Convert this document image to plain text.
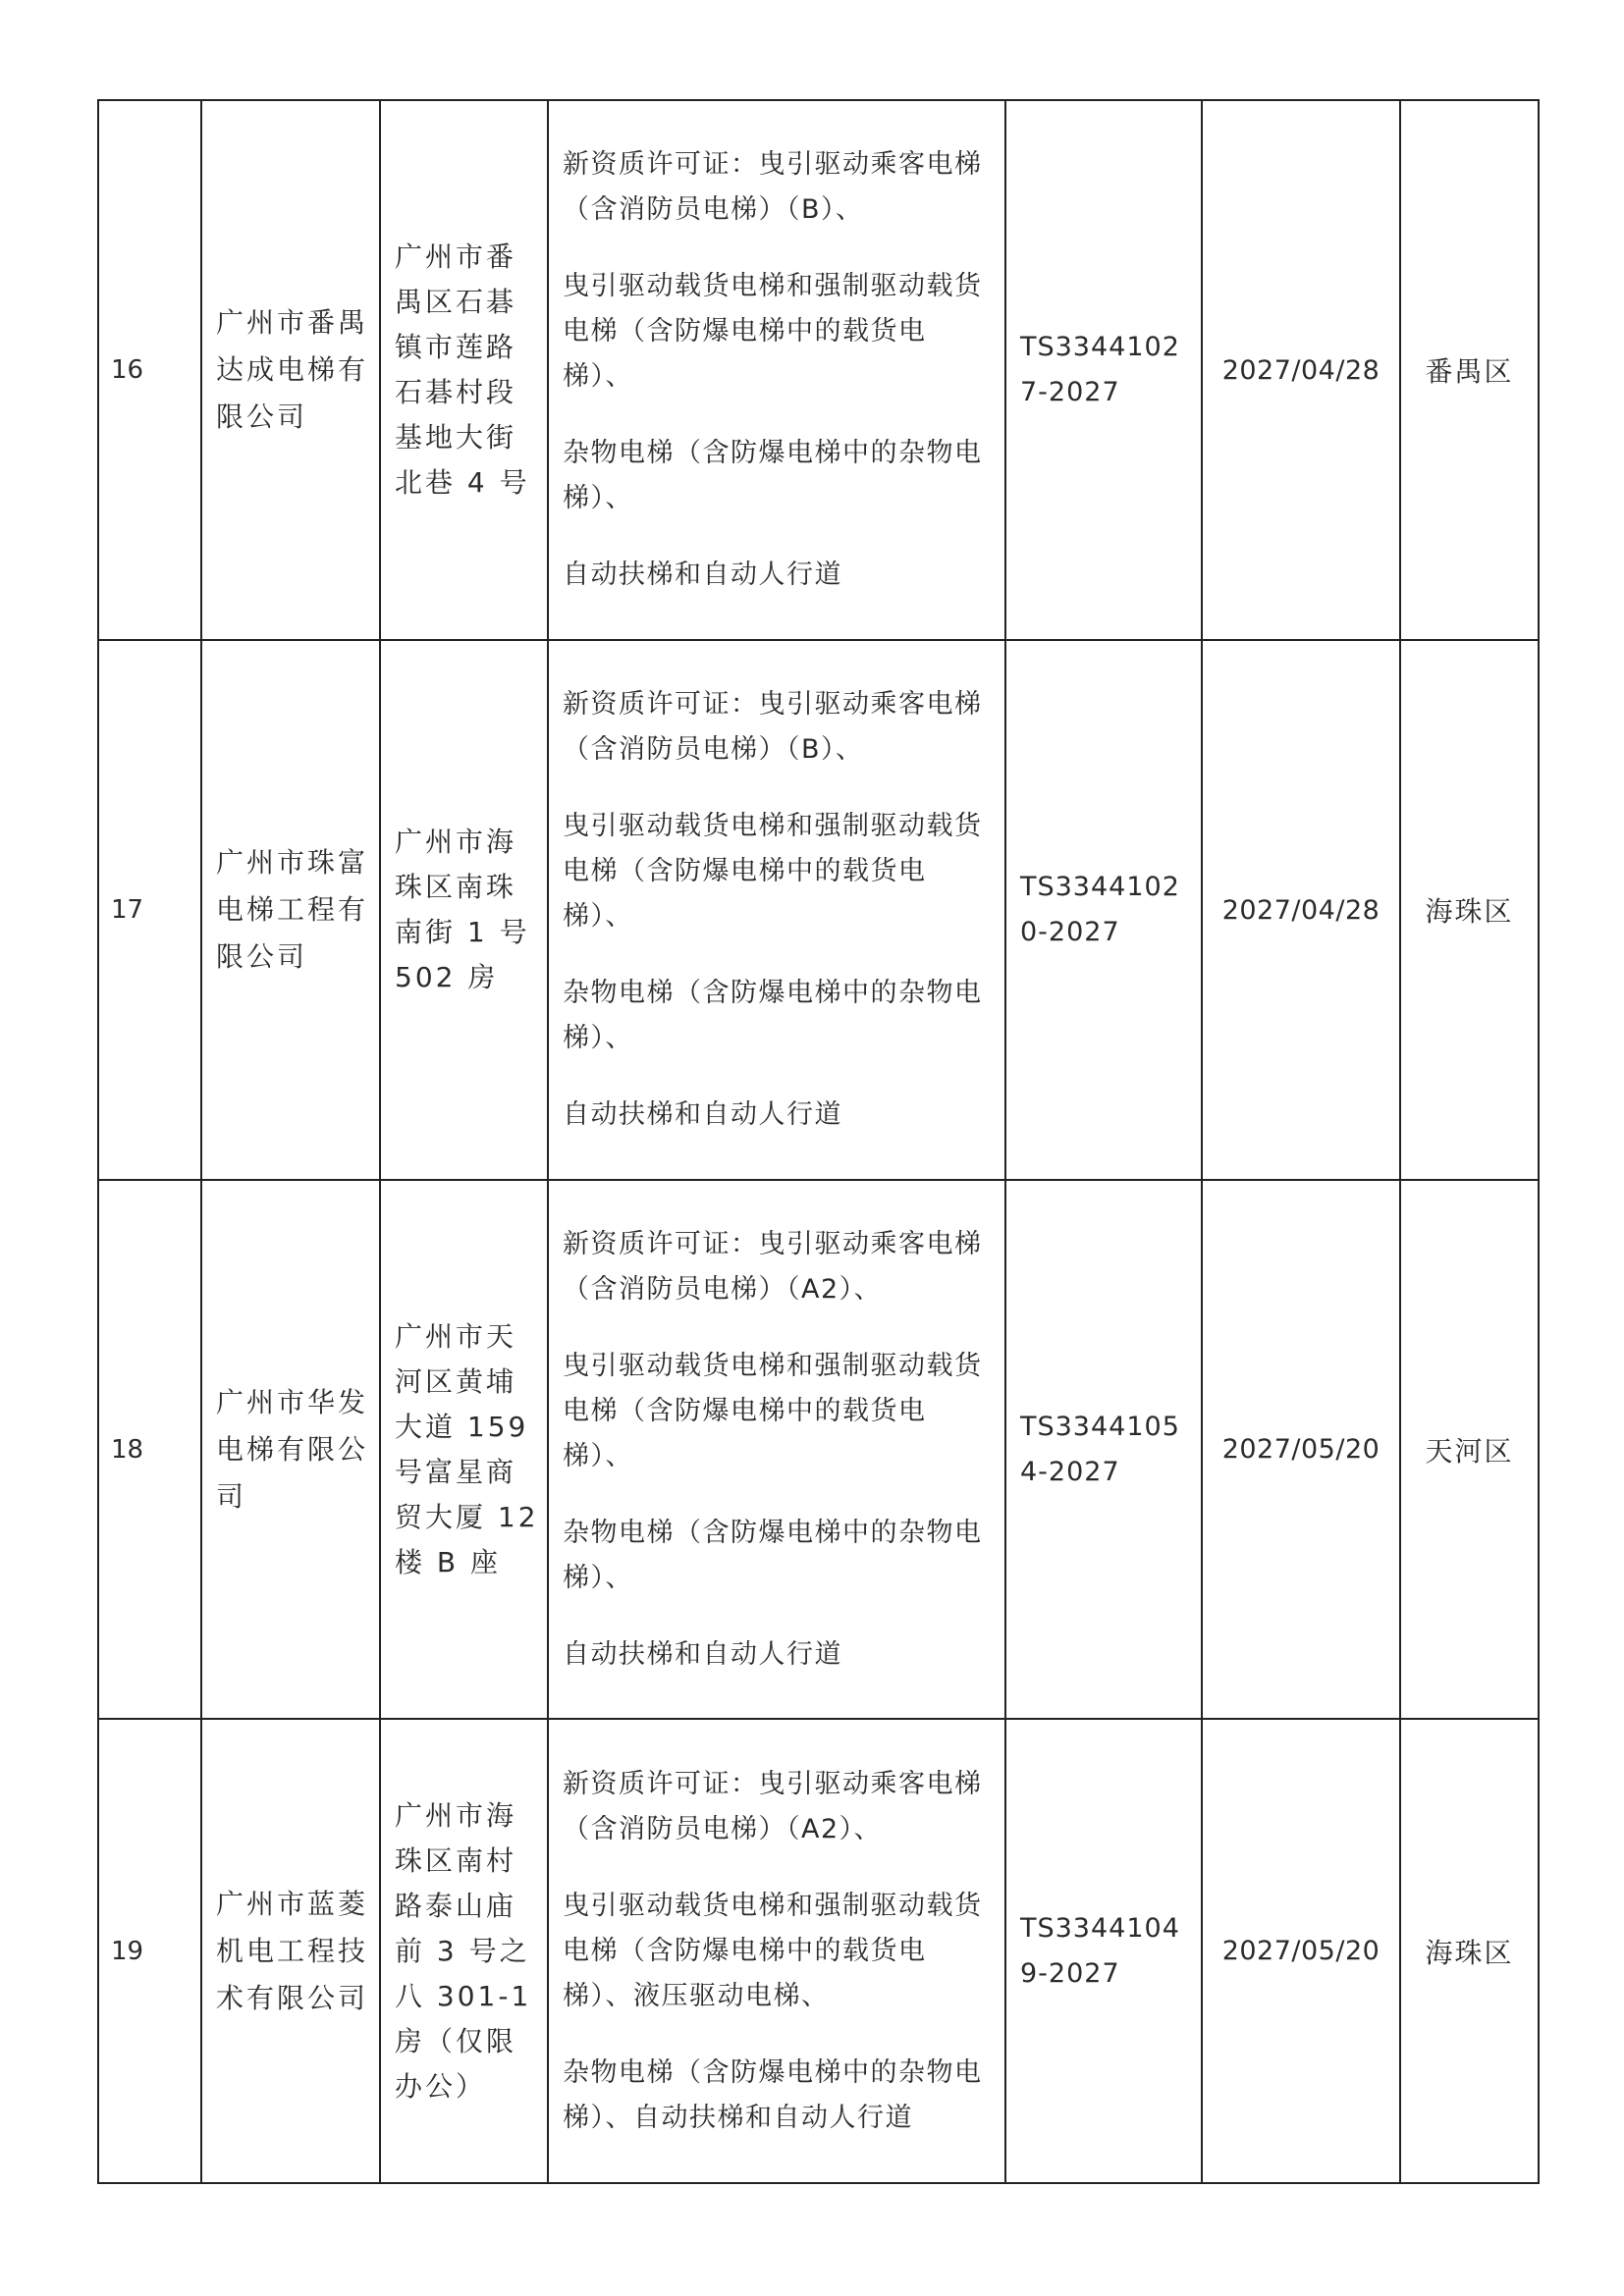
16	广州市番禺达成电梯有限公司	广州市番禺区石碁镇市莲路石碁村段基地大街北巷 4 号	新资质许可证：曳引驱动乘客电梯（含消防员电梯）（B）、
曳引驱动载货电梯和强制驱动载货电梯（含防爆电梯中的载货电梯）、
杂物电梯（含防爆电梯中的杂物电梯）、
自动扶梯和自动人行道	TS33441027-2027	2027/04/28	番禺区
17	广州市珠富电梯工程有限公司	广州市海珠区南珠南街 1 号 502 房	新资质许可证：曳引驱动乘客电梯（含消防员电梯）（B）、
曳引驱动载货电梯和强制驱动载货电梯（含防爆电梯中的载货电梯）、
杂物电梯（含防爆电梯中的杂物电梯）、
自动扶梯和自动人行道	TS33441020-2027	2027/04/28	海珠区
18	广州市华发电梯有限公司	广州市天河区黄埔大道 159 号富星商贸大厦 12 楼 B 座	新资质许可证：曳引驱动乘客电梯（含消防员电梯）（A2）、
曳引驱动载货电梯和强制驱动载货电梯（含防爆电梯中的载货电梯）、
杂物电梯（含防爆电梯中的杂物电梯）、
自动扶梯和自动人行道	TS33441054-2027	2027/05/20	天河区
19	广州市蓝菱机电工程技术有限公司	广州市海珠区南村路泰山庙前 3 号之八 301-1 房（仅限办公）	新资质许可证：曳引驱动乘客电梯（含消防员电梯）（A2）、
曳引驱动载货电梯和强制驱动载货电梯（含防爆电梯中的载货电梯）、液压驱动电梯、
杂物电梯（含防爆电梯中的杂物电梯）、自动扶梯和自动人行道	TS33441049-2027	2027/05/20	海珠区
